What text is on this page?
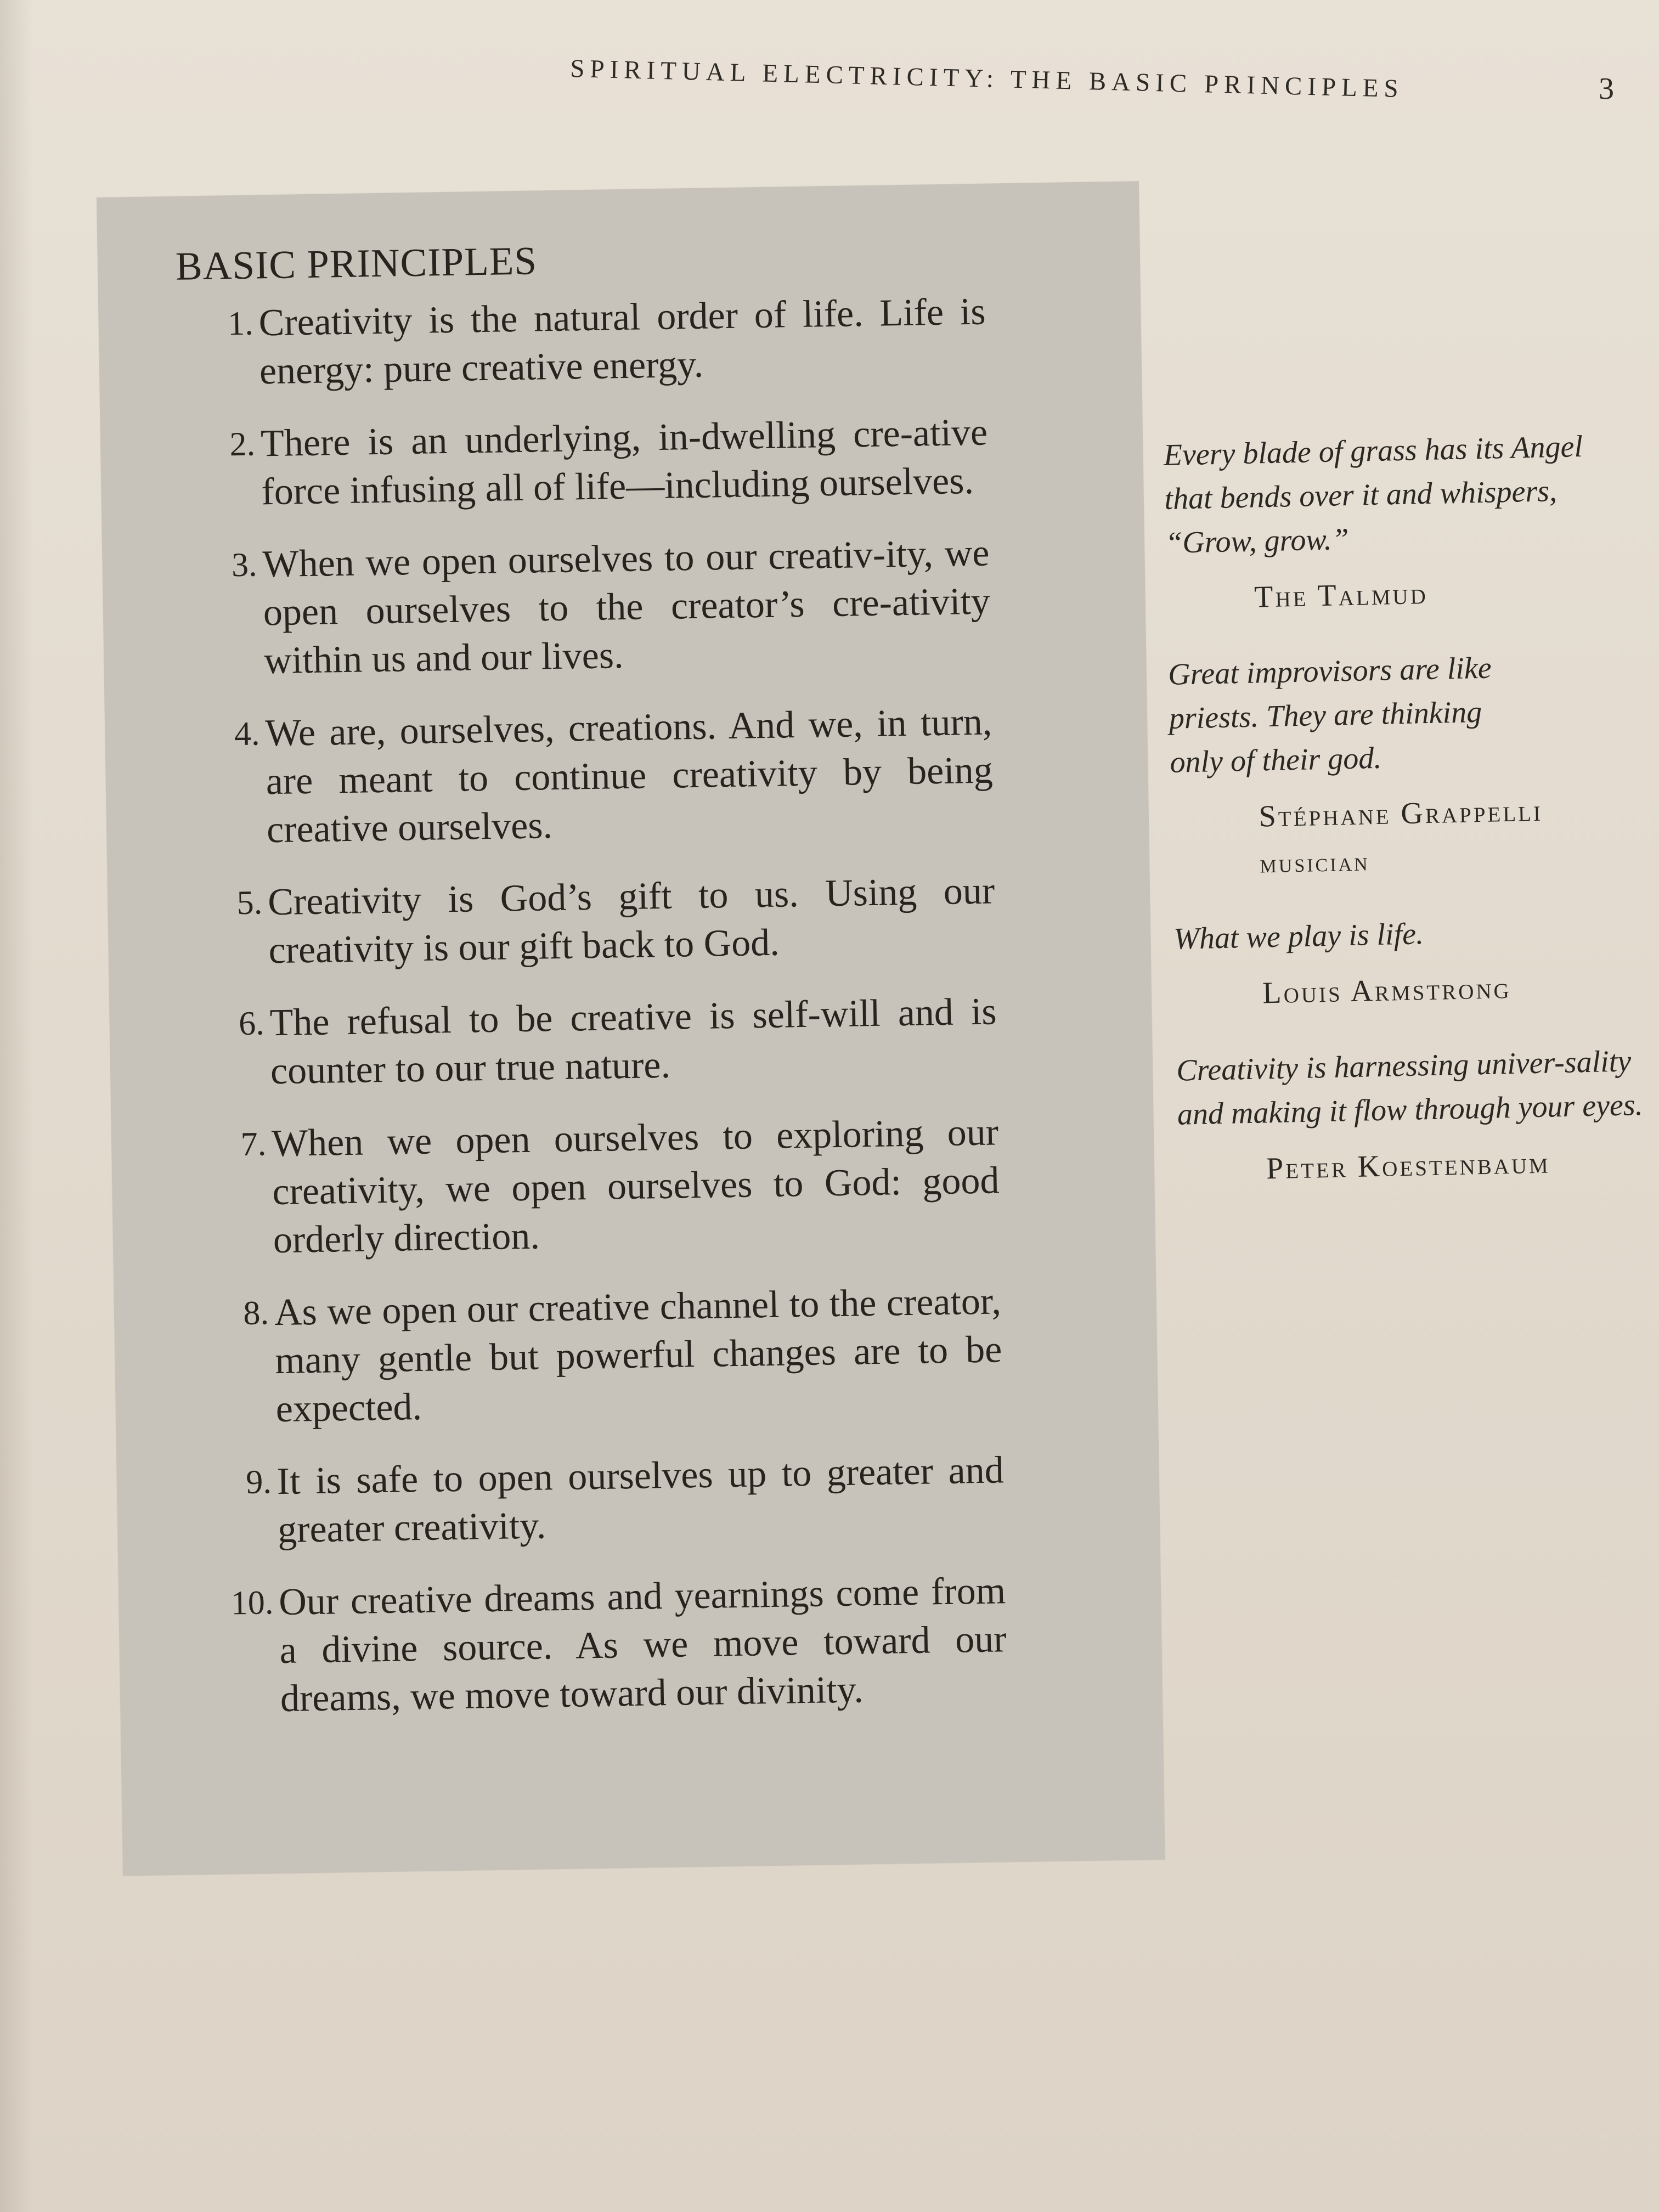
SPIRITUAL ELECTRICITY: THE BASIC PRINCIPLES	3
BASIC PRINCIPLES
1. Creativity is the natural order of life. Life is energy: pure creative energy.
2. There is an underlying, in-dwelling cre-ative force infusing all of life—including ourselves.
3. When we open ourselves to our creativ-ity, we open ourselves to the creator’s cre-ativity within us and our lives.
4. We are, ourselves, creations. And we, in turn, are meant to continue creativity by being creative ourselves.
5. Creativity is God’s gift to us. Using our creativity is our gift back to God.
6. The refusal to be creative is self-will and is counter to our true nature.
7. When we open ourselves to exploring our creativity, we open ourselves to God: good orderly direction.
8. As we open our creative channel to the creator, many gentle but powerful changes are to be expected.
9. It is safe to open ourselves up to greater and greater creativity.
10. Our creative dreams and yearnings come from a divine source. As we move toward our dreams, we move toward our divinity.

Every blade of grass has its Angel that bends over it and whispers, “Grow, grow.”

The Talmud

Great improvisors are like priests. They are thinking only of their god.

Stéphane Grappelli
musician

What we play is life.

Louis Armstrong

Creativity is harnessing univer-sality and making it flow through your eyes.

Peter Koestenbaum
